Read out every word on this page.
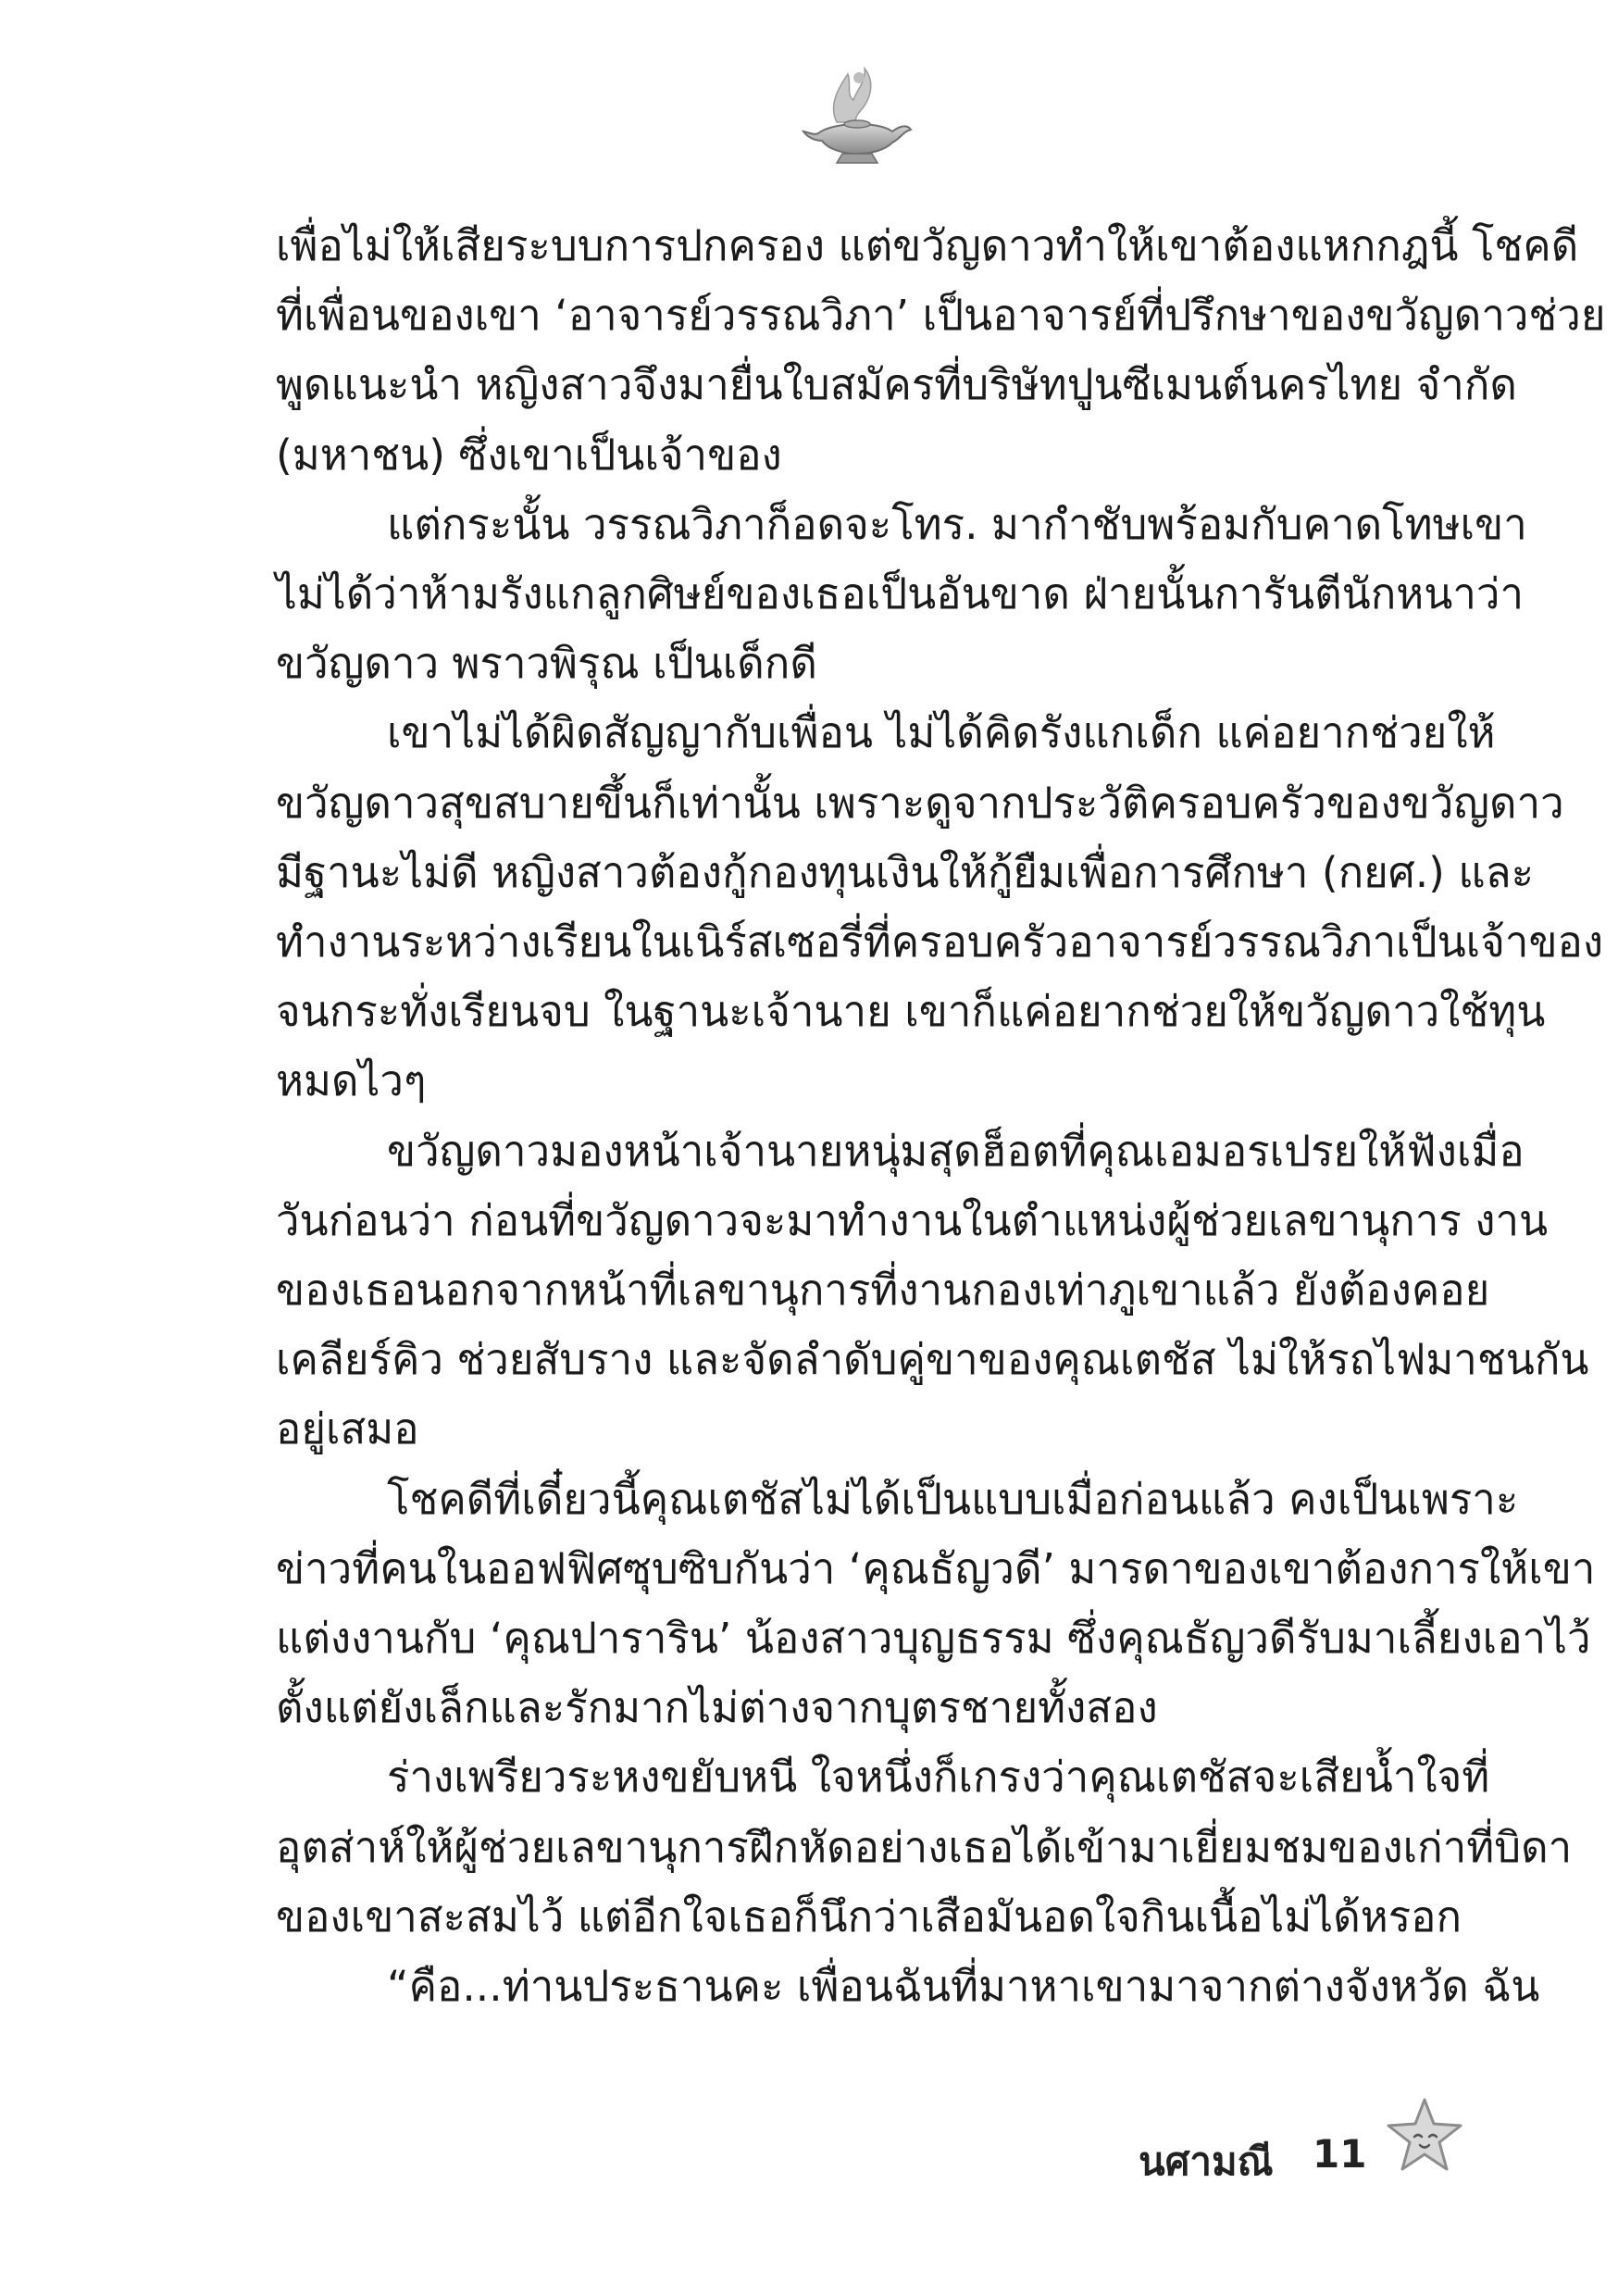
เพื่อไม่ให้เสียระบบการปกครอง แต่ขวัญดาวทำให้เขาต้องแหกกฎนี้ โชคดี
ที่เพื่อนของเขา ‘อาจารย์วรรณวิภา’ เป็นอาจารย์ที่ปรึกษาของขวัญดาวช่วย
พูดแนะนำ หญิงสาวจึงมายื่นใบสมัครที่บริษัทปูนซีเมนต์นครไทย จำกัด
(มหาชน) ซึ่งเขาเป็นเจ้าของ
แต่กระนั้น วรรณวิภาก็อดจะโทร. มากำชับพร้อมกับคาดโทษเขา
ไม่ได้ว่าห้ามรังแกลูกศิษย์ของเธอเป็นอันขาด ฝ่ายนั้นการันตีนักหนาว่า
ขวัญดาว พราวพิรุณ เป็นเด็กดี
เขาไม่ได้ผิดสัญญากับเพื่อน ไม่ได้คิดรังแกเด็ก แค่อยากช่วยให้
ขวัญดาวสุขสบายขึ้นก็เท่านั้น เพราะดูจากประวัติครอบครัวของขวัญดาว
มีฐานะไม่ดี หญิงสาวต้องกู้กองทุนเงินให้กู้ยืมเพื่อการศึกษา (กยศ.) และ
ทำงานระหว่างเรียนในเนิร์สเซอรี่ที่ครอบครัวอาจารย์วรรณวิภาเป็นเจ้าของ
จนกระทั่งเรียนจบ ในฐานะเจ้านาย เขาก็แค่อยากช่วยให้ขวัญดาวใช้ทุน
หมดไวๆ
ขวัญดาวมองหน้าเจ้านายหนุ่มสุดฮ็อตที่คุณเอมอรเปรยให้ฟังเมื่อ
วันก่อนว่า ก่อนที่ขวัญดาวจะมาทำงานในตำแหน่งผู้ช่วยเลขานุการ งาน
ของเธอนอกจากหน้าที่เลขานุการที่งานกองเท่าภูเขาแล้ว ยังต้องคอย
เคลียร์คิว ช่วยสับราง และจัดลำดับคู่ขาของคุณเตชัส ไม่ให้รถไฟมาชนกัน
อยู่เสมอ
โชคดีที่เดี๋ยวนี้คุณเตชัสไม่ได้เป็นแบบเมื่อก่อนแล้ว คงเป็นเพราะ
ข่าวที่คนในออฟฟิศซุบซิบกันว่า ‘คุณธัญวดี’ มารดาของเขาต้องการให้เขา
แต่งงานกับ ‘คุณปาราริน’ น้องสาวบุญธรรม ซึ่งคุณธัญวดีรับมาเลี้ยงเอาไว้
ตั้งแต่ยังเล็กและรักมากไม่ต่างจากบุตรชายทั้งสอง
ร่างเพรียวระหงขยับหนี ใจหนึ่งก็เกรงว่าคุณเตชัสจะเสียน้ำใจที่
อุตส่าห์ให้ผู้ช่วยเลขานุการฝึกหัดอย่างเธอได้เข้ามาเยี่ยมชมของเก่าที่บิดา
ของเขาสะสมไว้ แต่อีกใจเธอก็นึกว่าเสือมันอดใจกินเนื้อไม่ได้หรอก
“คือ...ท่านประธานคะ เพื่อนฉันที่มาหาเขามาจากต่างจังหวัด ฉัน
นศามณี 11
